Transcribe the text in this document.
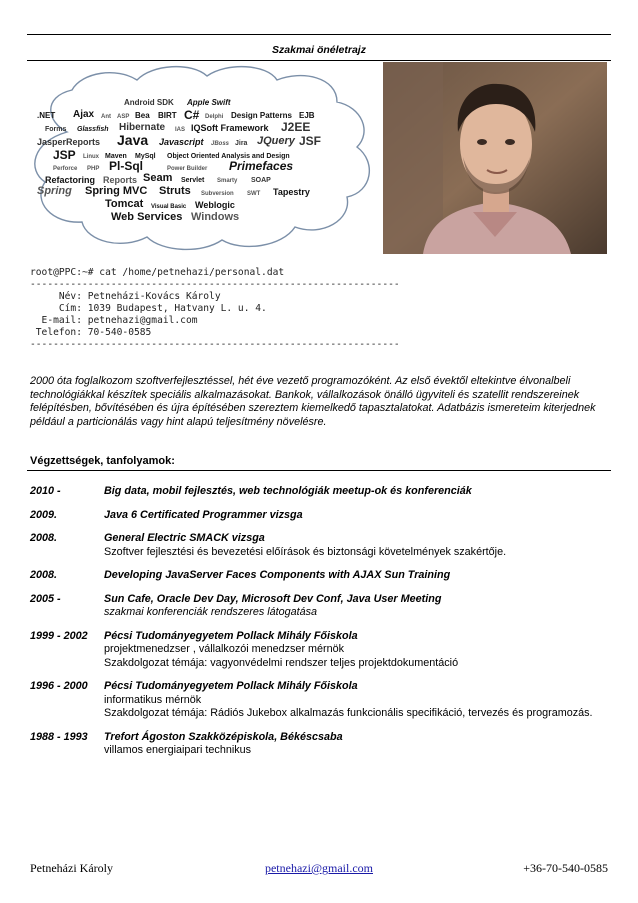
Szakmai önéletrajz
Android SDK Apple Swift
.NET Ajax Ant ASP Bea BIRT C# Delphi Design Patterns EJB
Forms Glassfish Hibernate IAS IQSoft Framework J2EE
JasperReports Java Javascript JBoss Jira JQuery JSF
JSP Linux Maven MySql Object Oriented Analysis and Design
Perforce PHP Pl-Sql	Power Builder Primefaces
Refactoring Reports Seam Servlet Smarty SOAP
Spring Spring MVC Struts Subversion SWT Tapestry
Tomcat Visual Basic Weblogic
Web Services Windows
root@PPC:~# cat /home/petnehazi/personal.dat
----------------------------------------------------------------
Név: Petneházi-Kovács Károly
Cím: 1039 Budapest, Hatvany L. u. 4.
E-mail: petnehazi@gmail.com
Telefon: 70-540-0585
----------------------------------------------------------------
2000 óta foglalkozom szoftverfejlesztéssel, hét éve vezető programozóként. Az első évektől eltekintve élvonalbeli technológiákkal készítek speciális alkalmazásokat. Bankok, vállalkozások önálló ügyviteli és szatellit rendszereinek felépítésben, bővítésében és újra építésében szereztem kiemelkedő tapasztalatokat. Adatbázis ismereteim kiterjednek például a particionálás vagy hint alapú teljesítmény növelésre.
Végzettségek, tanfolyamok:
2010 -	Big data, mobil fejlesztés, web technológiák meetup-ok és konferenciák
2009.	Java 6 Certificated Programmer vizsga
2008.	General Electric SMACK vizsga
Szoftver fejlesztési és bevezetési előírások és biztonsági követelmények szakértője.
2008.	Developing JavaServer Faces Components with AJAX Sun Training
2005 -	Sun Cafe, Oracle Dev Day, Microsoft Dev Conf, Java User Meeting
szakmai konferenciák rendszeres látogatása
1999 - 2002	Pécsi Tudományegyetem Pollack Mihály Főiskola
projektmenedzser , vállalkozói menedzser mérnök
Szakdolgozat témája: vagyonvédelmi rendszer teljes projektdokumentáció
1996 - 2000	Pécsi Tudományegyetem Pollack Mihály Főiskola
informatikus mérnök
Szakdolgozat témája: Rádiós Jukebox alkalmazás funkcionális specifikáció, tervezés és programozás.
1988 - 1993	Trefort Ágoston Szakközépiskola, Békéscsaba
villamos energiaipari technikus
Petneházi Károly	petnehazi@gmail.com	+36-70-540-0585
